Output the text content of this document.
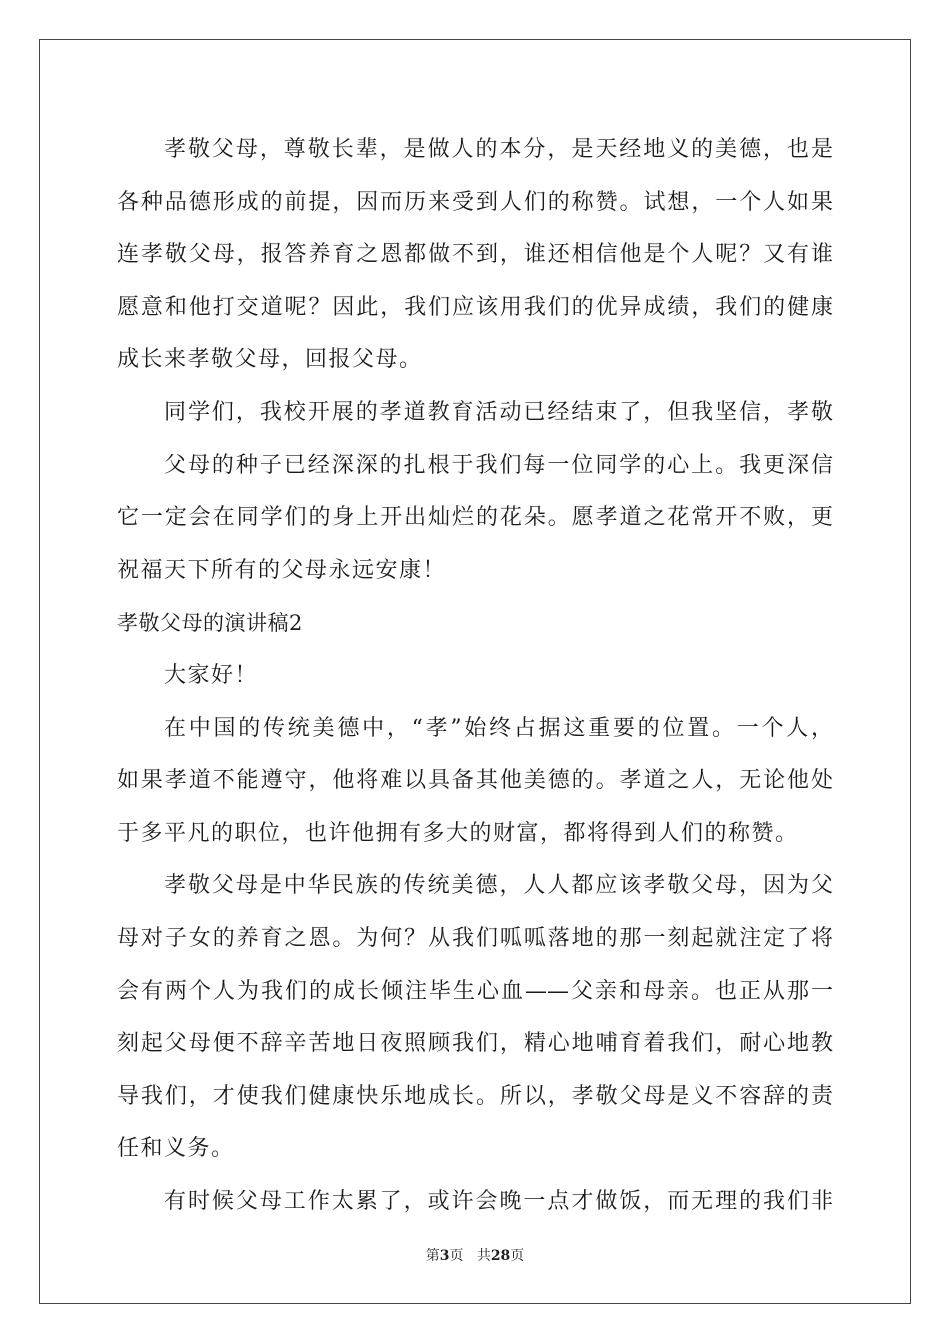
孝敬父母，尊敬长辈，是做人的本分，是天经地义的美德，也是
各种品德形成的前提，因而历来受到人们的称赞。试想，一个人如果
连孝敬父母，报答养育之恩都做不到，谁还相信他是个人呢？又有谁
愿意和他打交道呢？因此，我们应该用我们的优异成绩，我们的健康
成长来孝敬父母，回报父母。
同学们，我校开展的孝道教育活动已经结束了，但我坚信，孝敬
父母的种子已经深深的扎根于我们每一位同学的心上。我更深信
它一定会在同学们的身上开出灿烂的花朵。愿孝道之花常开不败，更
祝福天下所有的父母永远安康！
孝敬父母的演讲稿2
大家好！
在中国的传统美德中，“孝”始终占据这重要的位置。一个人，
如果孝道不能遵守，他将难以具备其他美德的。孝道之人，无论他处
于多平凡的职位，也许他拥有多大的财富，都将得到人们的称赞。
孝敬父母是中华民族的传统美德，人人都应该孝敬父母，因为父
母对子女的养育之恩。为何？从我们呱呱落地的那一刻起就注定了将
会有两个人为我们的成长倾注毕生心血——父亲和母亲。也正从那一
刻起父母便不辞辛苦地日夜照顾我们，精心地哺育着我们，耐心地教
导我们，才使我们健康快乐地成长。所以，孝敬父母是义不容辞的责
任和义务。
有时候父母工作太累了，或许会晚一点才做饭，而无理的我们非
第3页 共28页
